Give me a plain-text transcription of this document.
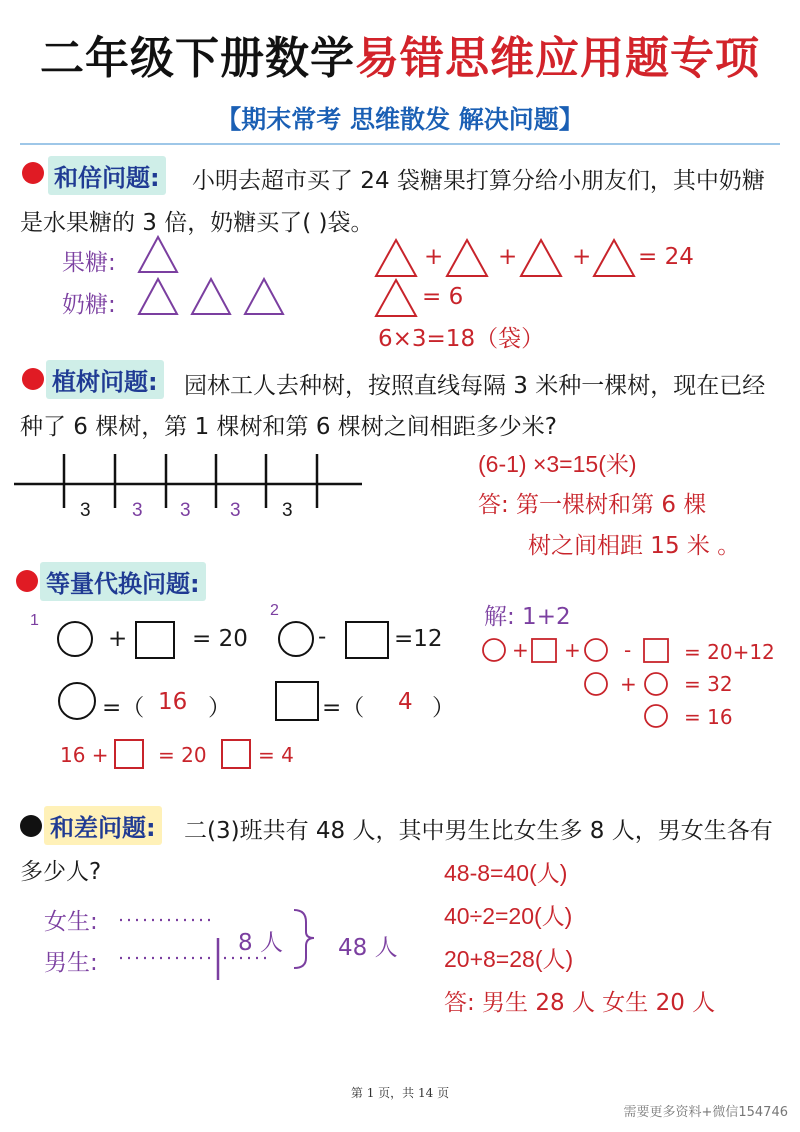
二年级下册数学易错思维应用题专项
【期末常考 思维散发 解决问题】
和倍问题: 小明去超市买了 24 袋糖果打算分给小朋友们，其中奶糖
是水果糖的 3 倍，奶糖买了( )袋。
果糖:
奶糖:
+ + + = 24
= 6
6×3=18（袋）
植树问题: 园林工人去种树，按照直线每隔 3 米种一棵树，现在已经
种了 6 棵树，第 1 棵树和第 6 棵树之间相距多少米?
3 3 3 3 3
(6-1) ×3=15(米)
答: 第一棵树和第 6 棵
树之间相距 15 米 。
等量代换问题:
1
2
+	= 20	-	=12
=（ 16 ）	=（ 4 ）
16 + = 20	= 4
解: 1+2
+ + -	= 20+12
+ = 32
= 16
和差问题: 二(3)班共有 48 人，其中男生比女生多 8 人，男女生各有
多少人?
女生:
男生:
8 人 48 人
48-8=40(人)
40÷2=20(人)
20+8=28(人)
答: 男生 28 人 女生 20 人
第 1 页，共 14 页
需要更多资料+微信154746
